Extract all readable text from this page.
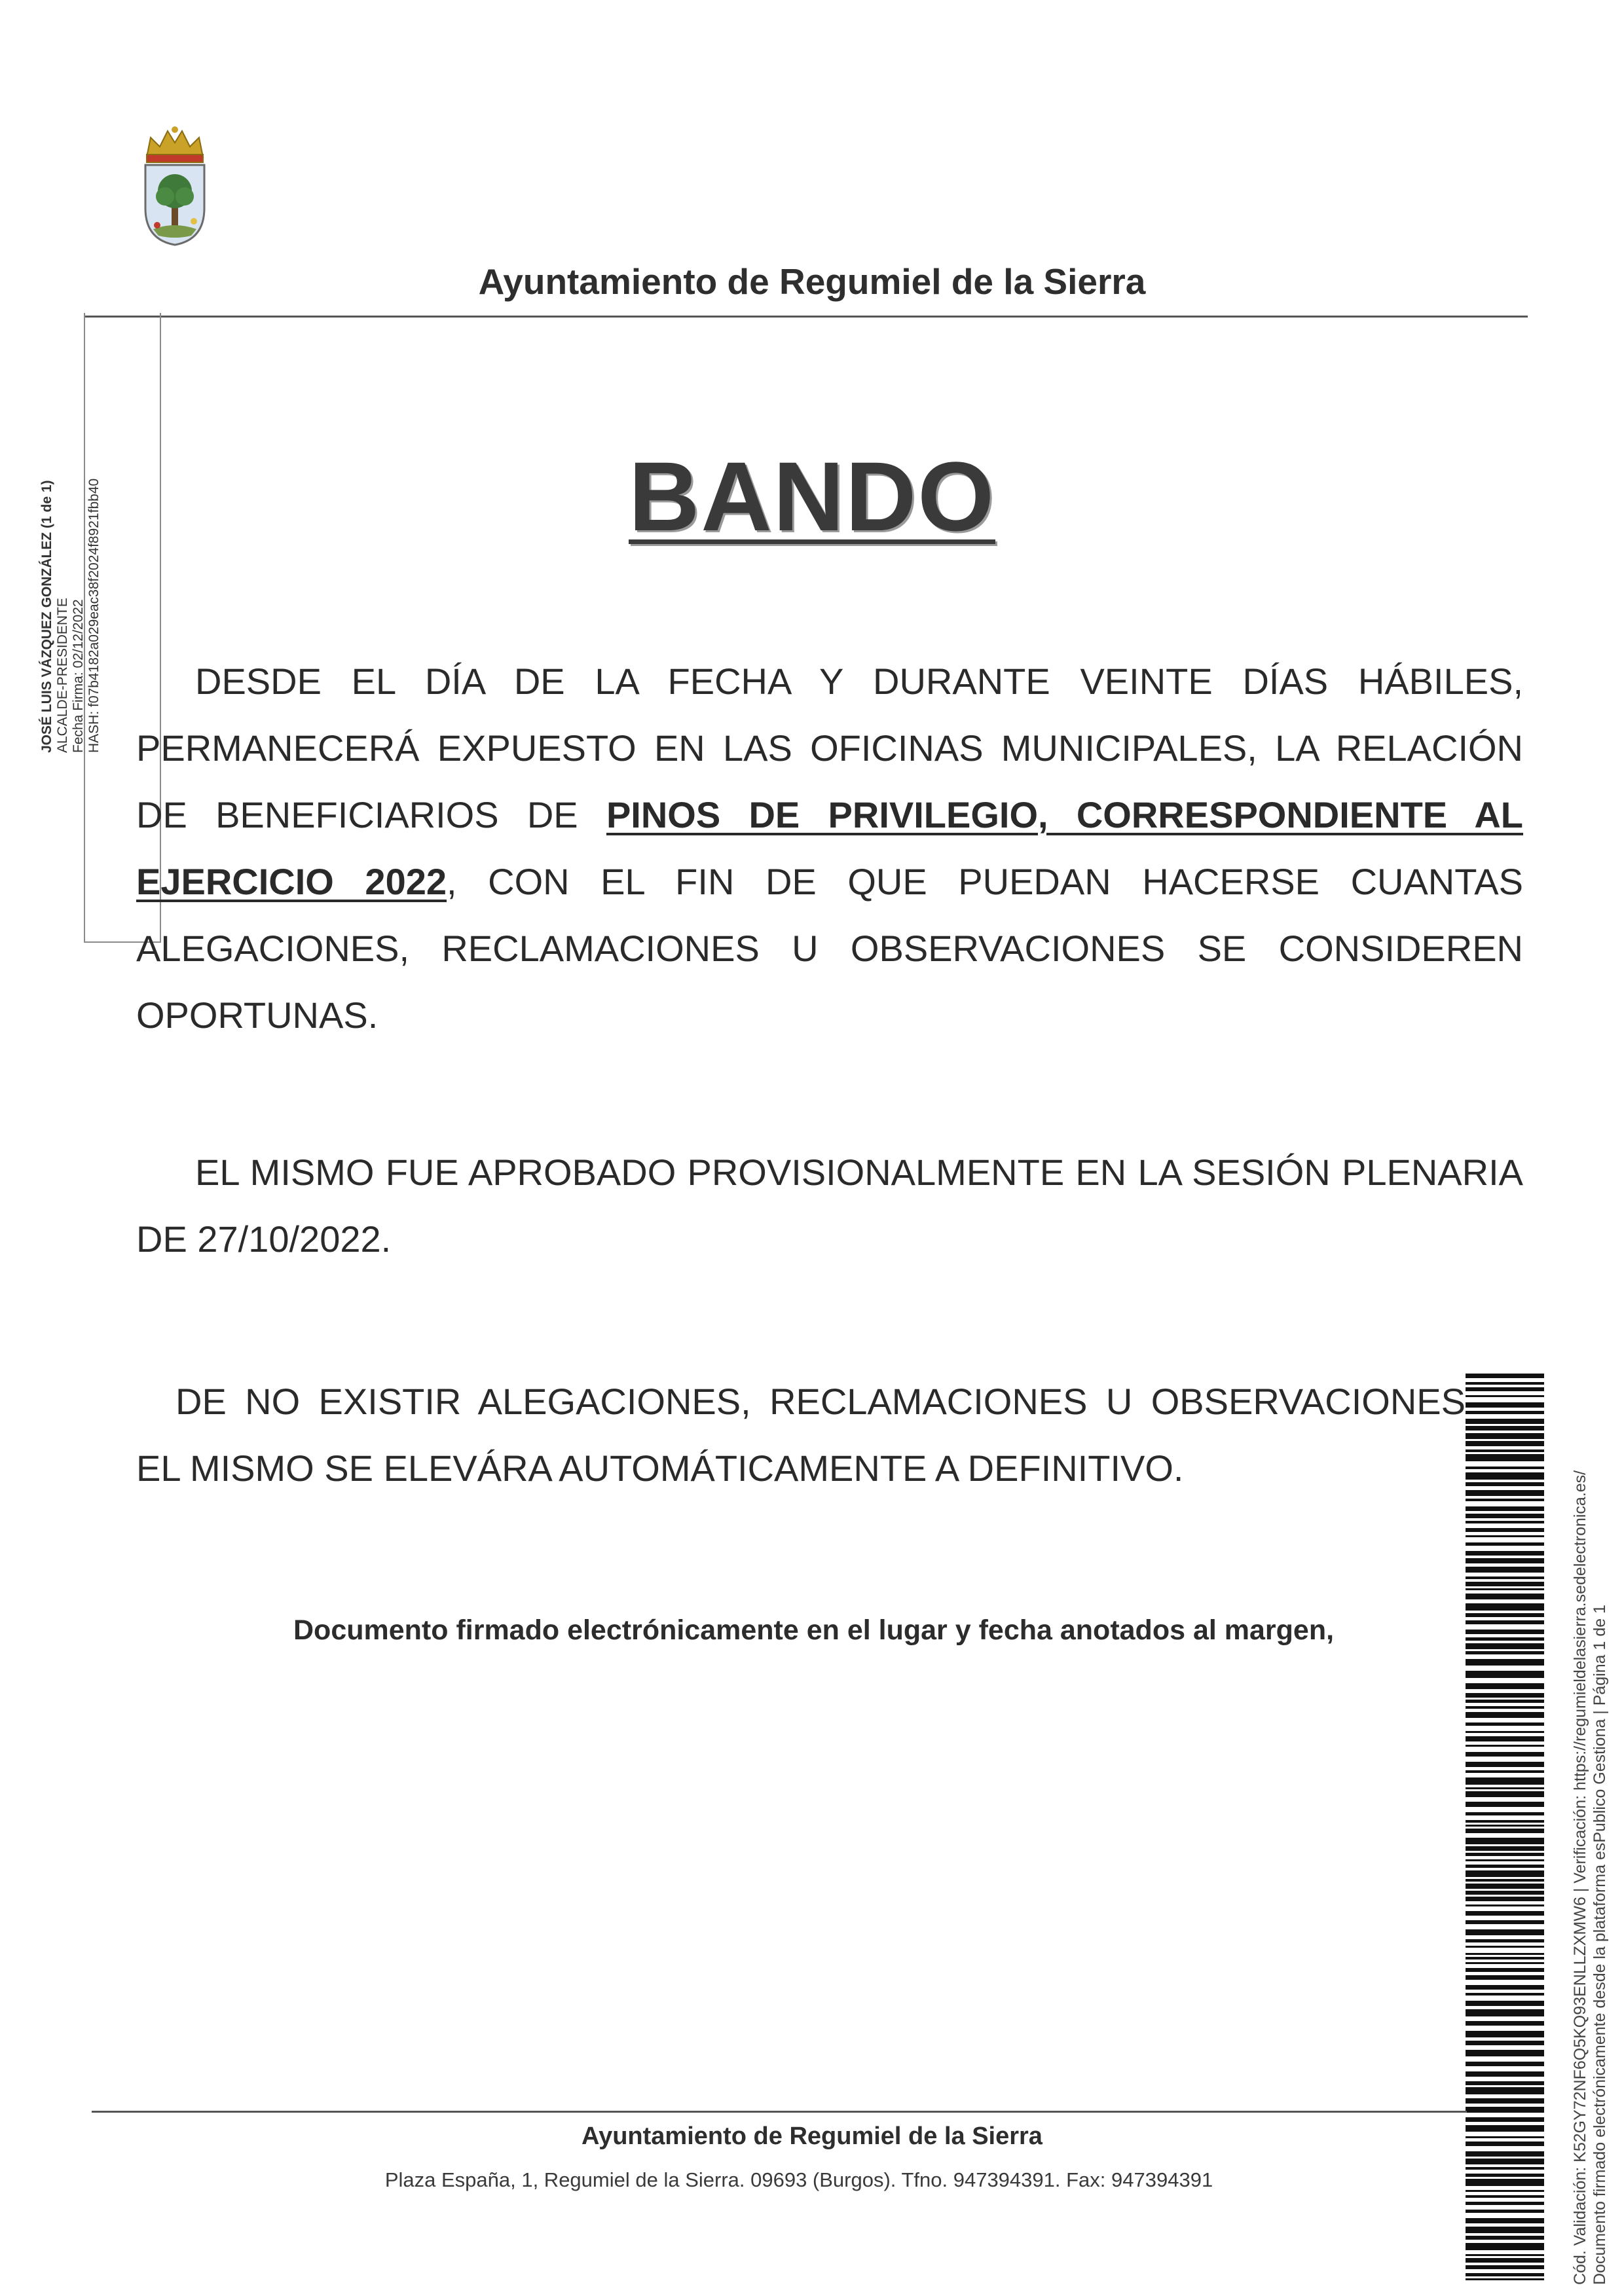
Ayuntamiento de Regumiel de la Sierra
JOSÉ LUIS VÁZQUEZ GONZÁLEZ (1 de 1) ALCALDE-PRESIDENTE Fecha Firma: 02/12/2022 HASH: f07b4182a029eac38f2024f8921fbb40	BANDO
DESDE EL DÍA DE LA FECHA Y DURANTE VEINTE DÍAS HÁBILES, PERMANECERÁ EXPUESTO EN LAS OFICINAS MUNICIPALES, LA RELACIÓN DE BENEFICIARIOS DE PINOS DE PRIVILEGIO, CORRESPONDIENTE AL EJERCICIO 2022, CON EL FIN DE QUE PUEDAN HACERSE CUANTAS ALEGACIONES, RECLAMACIONES U OBSERVACIONES SE CONSIDEREN OPORTUNAS.
EL MISMO FUE APROBADO PROVISIONALMENTE EN LA SESIÓN PLENARIA DE 27/10/2022.
DE NO EXISTIR ALEGACIONES, RECLAMACIONES U OBSERVACIONES EL MISMO SE ELEVÁRA AUTOMÁTICAMENTE A DEFINITIVO.
Documento firmado electrónicamente en el lugar y fecha anotados al margen,	Cód. Validación: K52GY72NF6Q5KQ93ENLLZXMW6 | Verificación: https://regumieldelasierra.sedelectronica.es/ Documento firmado electrónicamente desde la plataforma esPublico Gestiona | Página 1 de 1
Ayuntamiento de Regumiel de la Sierra
Plaza España, 1, Regumiel de la Sierra. 09693 (Burgos). Tfno. 947394391. Fax: 947394391
